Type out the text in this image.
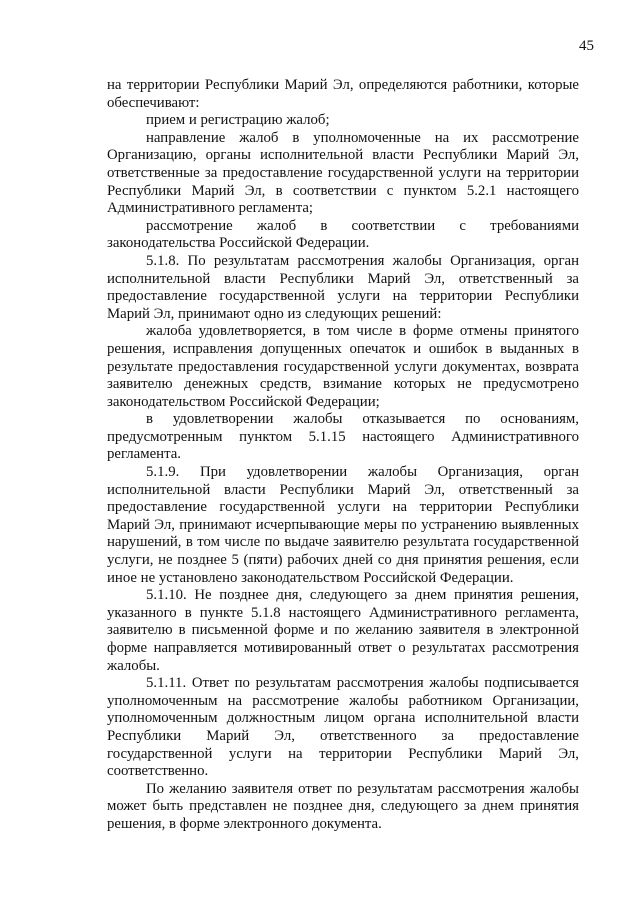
45

на территории Республики Марий Эл, определяются работники, которые обеспечивают:

прием и регистрацию жалоб;

направление жалоб в уполномоченные на их рассмотрение Организацию, органы исполнительной власти Республики Марий Эл, ответственные за предоставление государственной услуги на территории Республики Марий Эл, в соответствии с пунктом 5.2.1 настоящего Административного регламента;

рассмотрение жалоб в соответствии с требованиями законодательства Российской Федерации.

5.1.8. По результатам рассмотрения жалобы Организация, орган исполнительной власти Республики Марий Эл, ответственный за предоставление государственной услуги на территории Республики Марий Эл, принимают одно из следующих решений:

жалоба удовлетворяется, в том числе в форме отмены принятого решения, исправления допущенных опечаток и ошибок в выданных в результате предоставления государственной услуги документах, возврата заявителю денежных средств, взимание которых не предусмотрено законодательством Российской Федерации;

в удовлетворении жалобы отказывается по основаниям, предусмотренным пунктом 5.1.15 настоящего Административного регламента.

5.1.9. При удовлетворении жалобы Организация, орган исполнительной власти Республики Марий Эл, ответственный за предоставление государственной услуги на территории Республики Марий Эл, принимают исчерпывающие меры по устранению выявленных нарушений, в том числе по выдаче заявителю результата государственной услуги, не позднее 5 (пяти) рабочих дней со дня принятия решения, если иное не установлено законодательством Российской Федерации.

5.1.10. Не позднее дня, следующего за днем принятия решения, указанного в пункте 5.1.8 настоящего Административного регламента, заявителю в письменной форме и по желанию заявителя в электронной форме направляется мотивированный ответ о результатах рассмотрения жалобы.

5.1.11. Ответ по результатам рассмотрения жалобы подписывается уполномоченным на рассмотрение жалобы работником Организации, уполномоченным должностным лицом органа исполнительной власти Республики Марий Эл, ответственного за предоставление государственной услуги на территории Республики Марий Эл, соответственно.

По желанию заявителя ответ по результатам рассмотрения жалобы может быть представлен не позднее дня, следующего за днем принятия решения, в форме электронного документа.
